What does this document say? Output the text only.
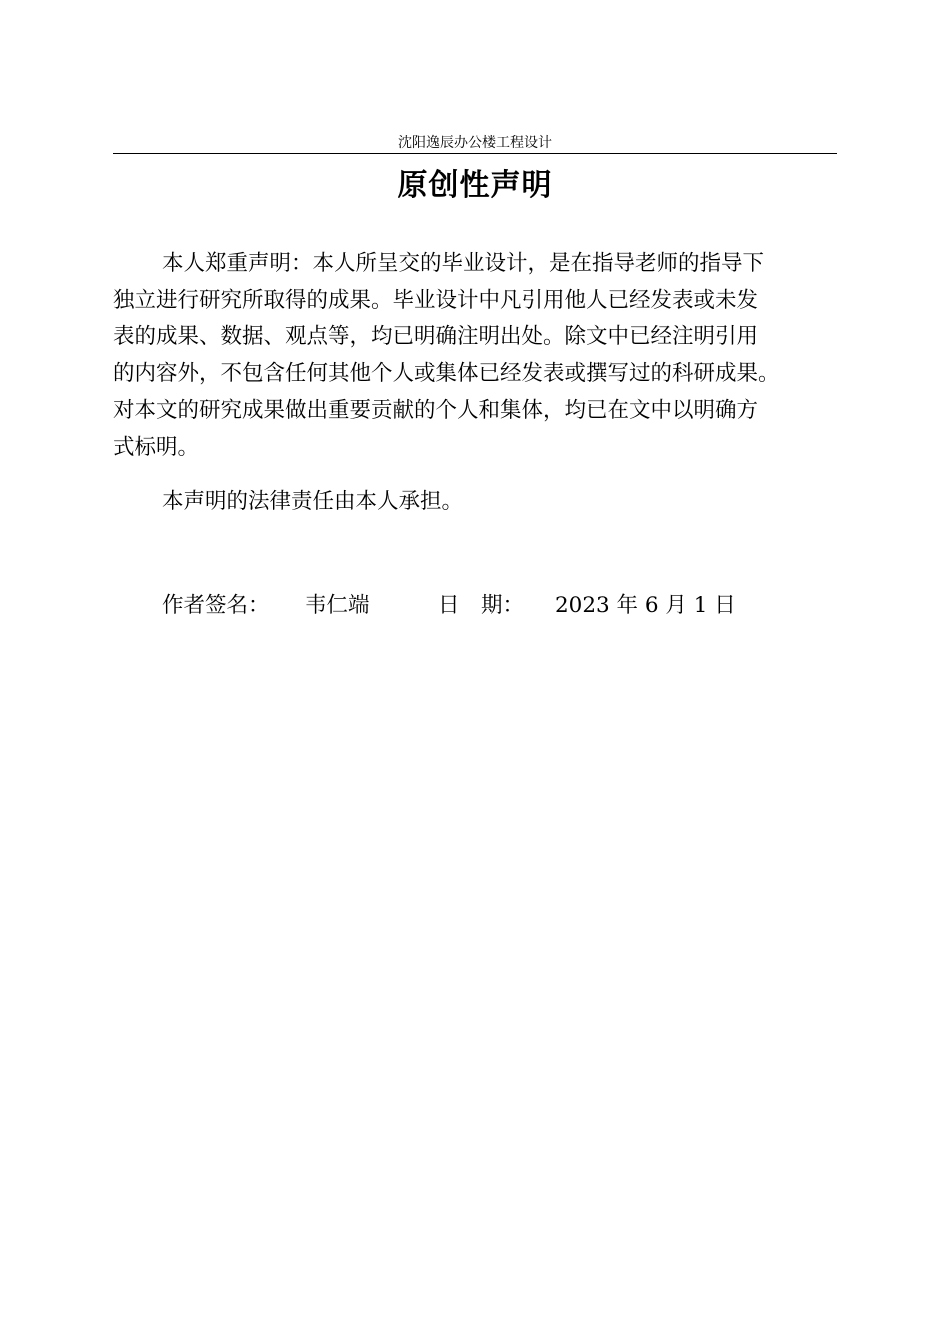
沈阳逸辰办公楼工程设计
原创性声明
本人郑重声明：本人所呈交的毕业设计，是在指导老师的指导下
独立进行研究所取得的成果。毕业设计中凡引用他人已经发表或未发
表的成果、数据、观点等，均已明确注明出处。除文中已经注明引用
的内容外，不包含任何其他个人或集体已经发表或撰写过的科研成果。
对本文的研究成果做出重要贡献的个人和集体，均已在文中以明确方
式标明。
本声明的法律责任由本人承担。
作者签名： 韦仁端	日　期： 2023 年 6 月 1 日
